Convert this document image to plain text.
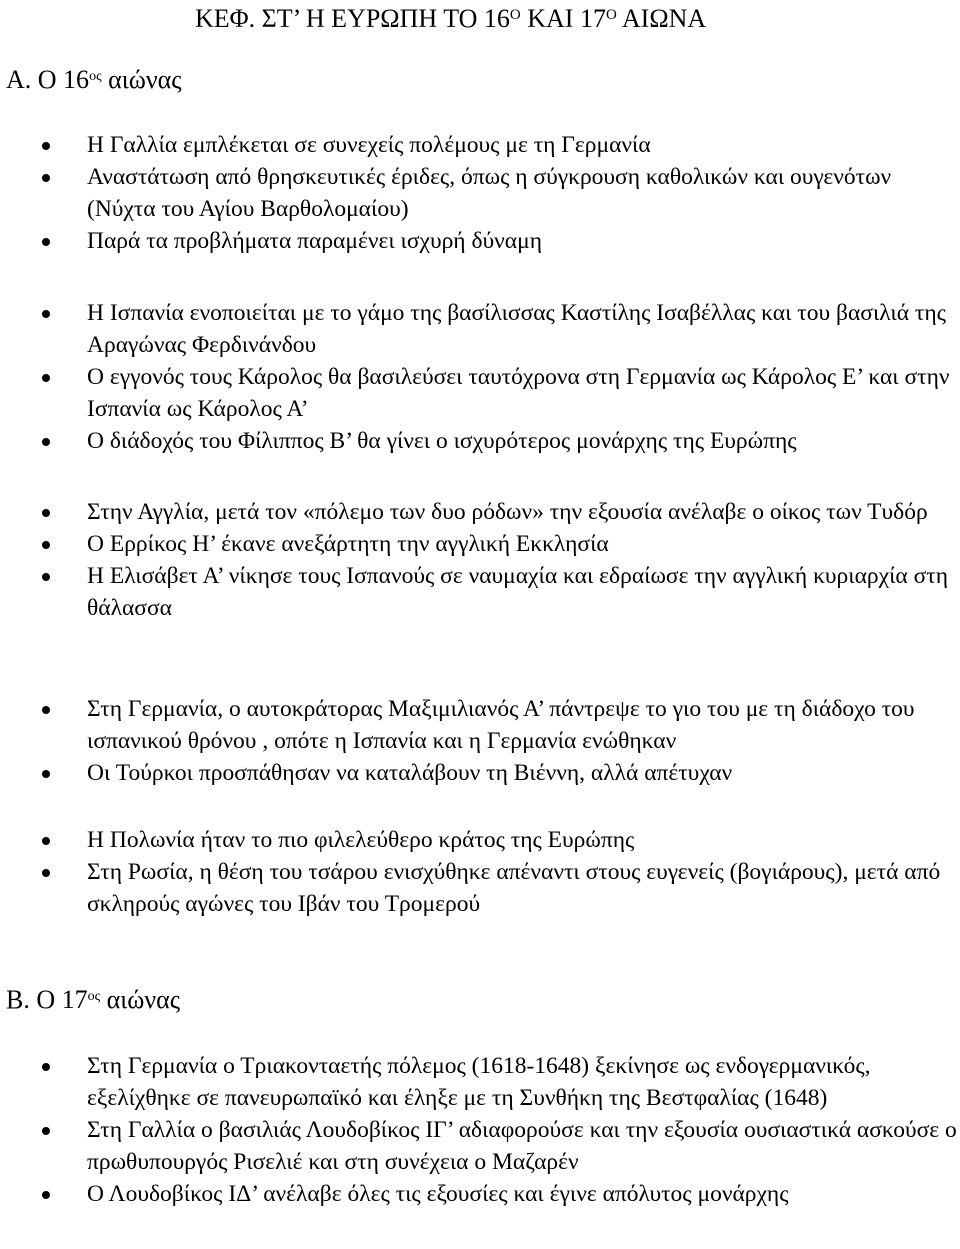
ΚΕΦ. ΣΤ’ Η ΕΥΡΩΠΗ ΤΟ $16^O$ ΚΑΙ $17^O$ ΑΙΩΝΑ
Α. Ο $16^{o\varsigma}$ αιώνας
Η Γαλλία εμπλέκεται σε συνεχείς πολέμους με τη Γερμανία
Αναστάτωση από θρησκευτικές έριδες, όπως η σύγκρουση καθολικών και ουγενότων (Νύχτα του Αγίου Βαρθολομαίου)
Παρά τα προβλήματα παραμένει ισχυρή δύναμη
Η Ισπανία ενοποιείται με το γάμο της βασίλισσας Καστίλης Ισαβέλλας και του βασιλιά της Αραγώνας Φερδινάνδου
Ο εγγονός τους Κάρολος θα βασιλεύσει ταυτόχρονα στη Γερμανία ως Κάρολος Ε’ και στην Ισπανία ως Κάρολος Α’
Ο διάδοχός του Φίλιππος Β’ θα γίνει ο ισχυρότερος μονάρχης της Ευρώπης
Στην Αγγλία, μετά τον «πόλεμο των δυο ρόδων» την εξουσία ανέλαβε ο οίκος των Τυδόρ
Ο Ερρίκος Η’ έκανε ανεξάρτητη την αγγλική Εκκλησία
Η Ελισάβετ Α’ νίκησε τους Ισπανούς σε ναυμαχία και εδραίωσε την αγγλική κυριαρχία στη θάλασσα
Στη Γερμανία, ο αυτοκράτορας Μαξιμιλιανός Α’ πάντρεψε το γιο του με τη διάδοχο του ισπανικού θρόνου , οπότε η Ισπανία και η Γερμανία ενώθηκαν
Οι Τούρκοι προσπάθησαν να καταλάβουν τη Βιέννη, αλλά απέτυχαν
Η Πολωνία ήταν το πιο φιλελεύθερο κράτος της Ευρώπης
Στη Ρωσία, η θέση του τσάρου ενισχύθηκε απέναντι στους ευγενείς (βογιάρους), μετά από σκληρούς αγώνες του Ιβάν του Τρομερού
Β. Ο $17^{o\varsigma}$ αιώνας
Στη Γερμανία ο Τριακονταετής πόλεμος (1618-1648) ξεκίνησε ως ενδογερμανικός, εξελίχθηκε σε πανευρωπαϊκό και έληξε με τη Συνθήκη της Βεστφαλίας (1648)
Στη Γαλλία ο βασιλιάς Λουδοβίκος ΙΓ’ αδιαφορούσε και την εξουσία ουσιαστικά ασκούσε ο πρωθυπουργός Ρισελιέ και στη συνέχεια ο Μαζαρέν
Ο Λουδοβίκος ΙΔ’ ανέλαβε όλες τις εξουσίες και έγινε απόλυτος μονάρχης
